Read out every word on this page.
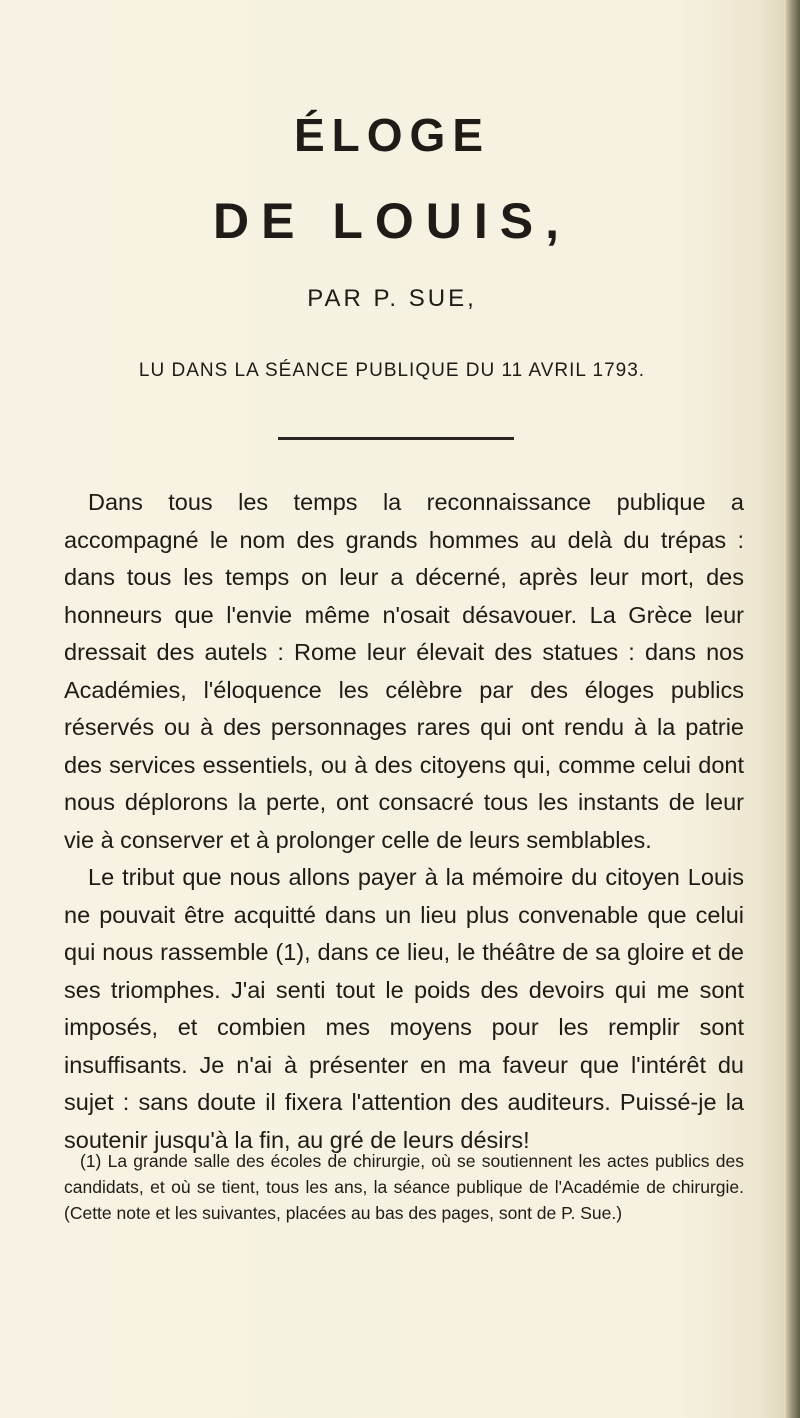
ÉLOGE
DE LOUIS,
PAR P. SUE,
LU DANS LA SÉANCE PUBLIQUE DU 11 AVRIL 1793.

Dans tous les temps la reconnaissance publique a accompagné le nom des grands hommes au delà du trépas : dans tous les temps on leur a décerné, après leur mort, des honneurs que l'envie même n'osait désavouer. La Grèce leur dressait des autels : Rome leur élevait des statues : dans nos Académies, l'éloquence les célèbre par des éloges publics réservés ou à des personnages rares qui ont rendu à la patrie des services essentiels, ou à des citoyens qui, comme celui dont nous déplorons la perte, ont consacré tous les instants de leur vie à conserver et à prolonger celle de leurs semblables.

Le tribut que nous allons payer à la mémoire du citoyen Louis ne pouvait être acquitté dans un lieu plus convenable que celui qui nous rassemble (1), dans ce lieu, le théâtre de sa gloire et de ses triomphes. J'ai senti tout le poids des devoirs qui me sont imposés, et combien mes moyens pour les remplir sont insuffisants. Je n'ai à présenter en ma faveur que l'intérêt du sujet : sans doute il fixera l'attention des auditeurs. Puissé-je la soutenir jusqu'à la fin, au gré de leurs désirs!

(1) La grande salle des écoles de chirurgie, où se soutiennent les actes publics des candidats, et où se tient, tous les ans, la séance publique de l'Académie de chirurgie. (Cette note et les suivantes, placées au bas des pages, sont de P. Sue.)
